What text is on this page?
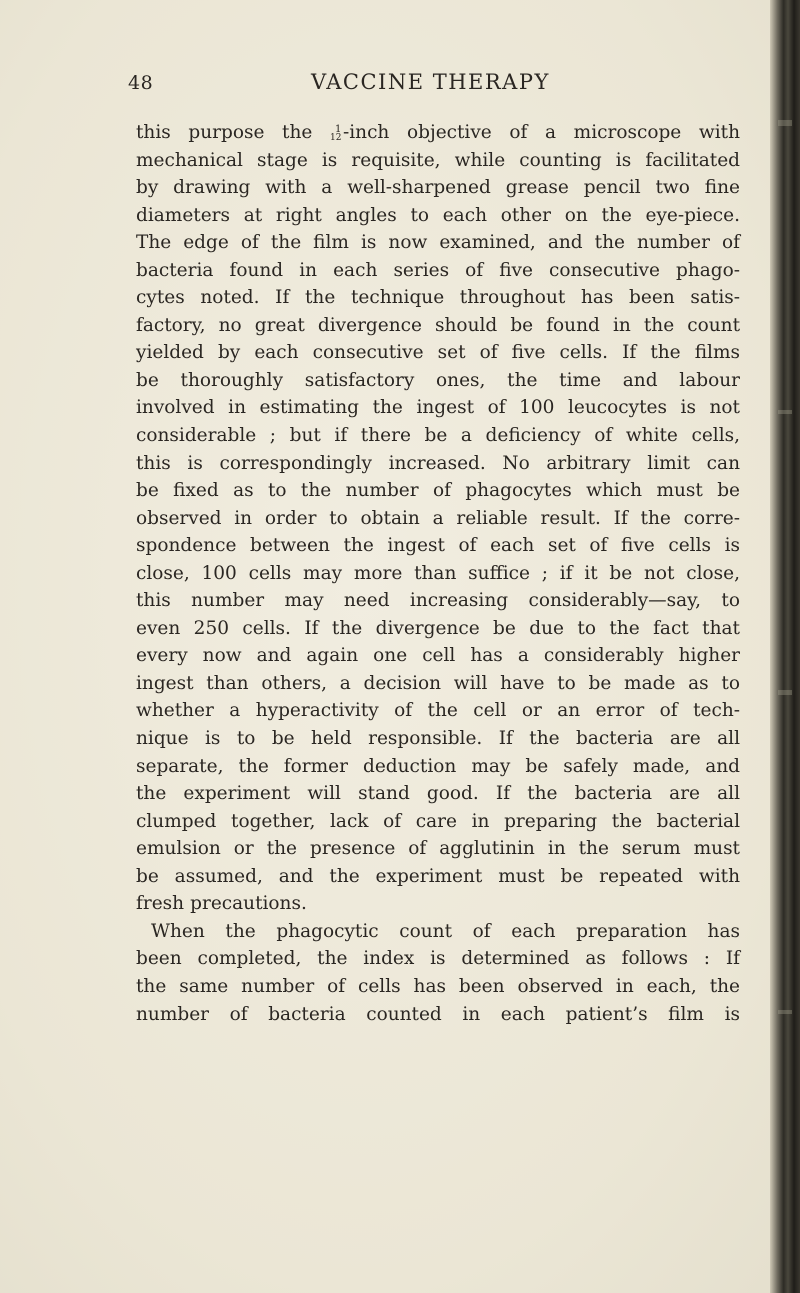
48	VACCINE THERAPY
this purpose the 1
12 -inch objective of a microscope with
mechanical stage is requisite, while counting is facilitated
by drawing with a well-sharpened grease pencil two fine
diameters at right angles to each other on the eye-piece.
The edge of the film is now examined, and the number of
bacteria found in each series of five consecutive phago-
cytes noted. If the technique throughout has been satis-
factory, no great divergence should be found in the count
yielded by each consecutive set of five cells. If the films
be thoroughly satisfactory ones, the time and labour
involved in estimating the ingest of 100 leucocytes is not
considerable ; but if there be a deficiency of white cells,
this is correspondingly increased. No arbitrary limit can
be fixed as to the number of phagocytes which must be
observed in order to obtain a reliable result. If the corre-
spondence between the ingest of each set of five cells is
close, 100 cells may more than suffice ; if it be not close,
this number may need increasing considerably—say, to
even 250 cells. If the divergence be due to the fact that
every now and again one cell has a considerably higher
ingest than others, a decision will have to be made as to
whether a hyperactivity of the cell or an error of tech-
nique is to be held responsible. If the bacteria are all
separate, the former deduction may be safely made, and
the experiment will stand good. If the bacteria are all
clumped together, lack of care in preparing the bacterial
emulsion or the presence of agglutinin in the serum must
be assumed, and the experiment must be repeated with
fresh precautions.
When the phagocytic count of each preparation has
been completed, the index is determined as follows : If
the same number of cells has been observed in each, the
number of bacteria counted in each patient’s film is
